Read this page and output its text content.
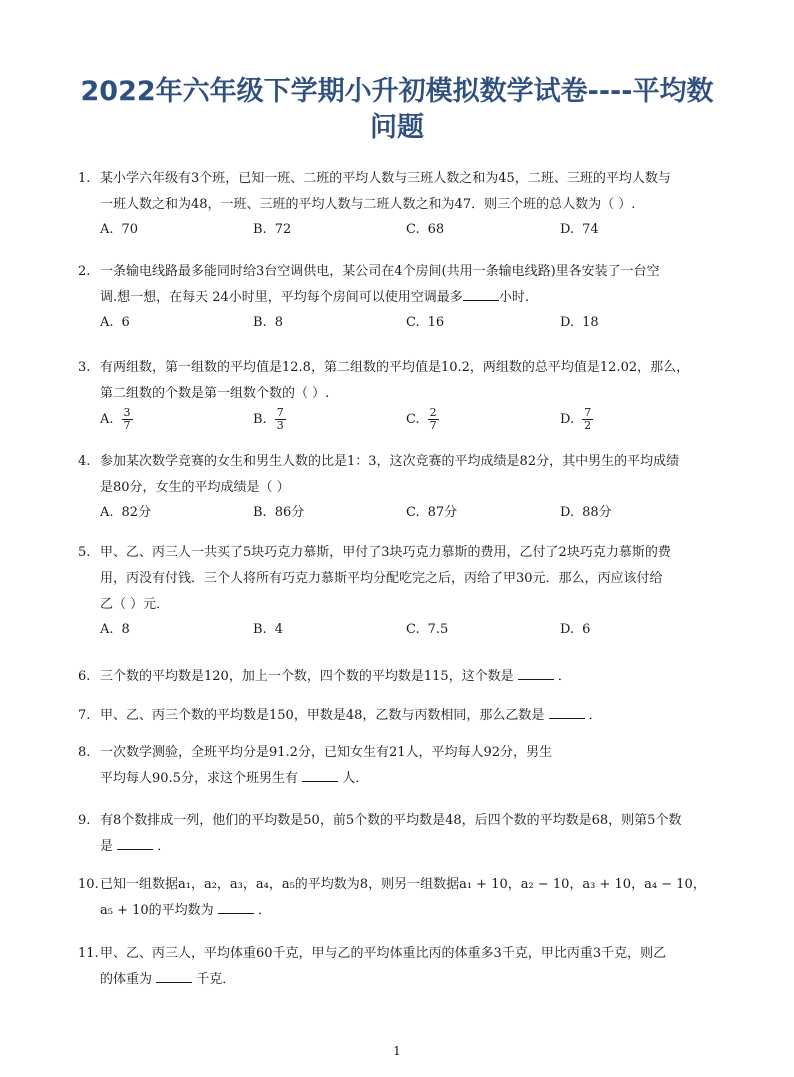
2022年六年级下学期小升初模拟数学试卷----平均数
问题
1. 某小学六年级有3个班，已知一班、二班的平均人数与三班人数之和为45，二班、三班的平均人数与
一班人数之和为48，一班、三班的平均人数与二班人数之和为47．则三个班的总人数为（ ）.
A. 70	B. 72	C. 68	D. 74
2. 一条输电线路最多能同时给3台空调供电，某公司在4个房间(共用一条输电线路)里各安装了一台空
调.想一想，在每天 24小时里，平均每个房间可以使用空调最多	小时.
A. 6	B. 8	C. 16	D. 18
3. 有两组数，第一组数的平均值是12.8，第二组数的平均值是10.2，两组数的总平均值是12.02，那么，
第二组数的个数是第一组数个数的（ ）.
A. $\frac{3}{7}$	B. $\frac{7}{3}$	C. $\frac{2}{7}$	D. $\frac{7}{2}$
4. 参加某次数学竞赛的女生和男生人数的比是1：3，这次竞赛的平均成绩是82分，其中男生的平均成绩
是80分，女生的平均成绩是（ ）
A. 82分	B. 86分	C. 87分	D. 88分
5. 甲、乙、丙三人一共买了5块巧克力慕斯，甲付了3块巧克力慕斯的费用，乙付了2块巧克力慕斯的费
用，丙没有付钱．三个人将所有巧克力慕斯平均分配吃完之后，丙给了甲30元．那么，丙应该付给
乙（ ）元．
A. 8	B. 4	C. 7.5	D. 6
6. 三个数的平均数是120，加上一个数，四个数的平均数是115，这个数是	．
7. 甲、乙、丙三个数的平均数是150，甲数是48，乙数与丙数相同，那么乙数是	．
8. 一次数学测验，全班平均分是91.2分，已知女生有21人，平均每人92分，男生
平均每人90.5分，求这个班男生有	人．
9. 有8个数排成一列，他们的平均数是50，前5个数的平均数是48，后四个数的平均数是68，则第5个数
是	．
10. 已知一组数据a₁，a₂，a₃，a₄，a₅的平均数为8，则另一组数据a₁ + 10，a₂ − 10，a₃ + 10，a₄ − 10，
a₅ + 10的平均数为	．
11. 甲、乙、丙三人，平均体重60千克，甲与乙的平均体重比丙的体重多3千克，甲比丙重3千克，则乙
的体重为	千克．
1
